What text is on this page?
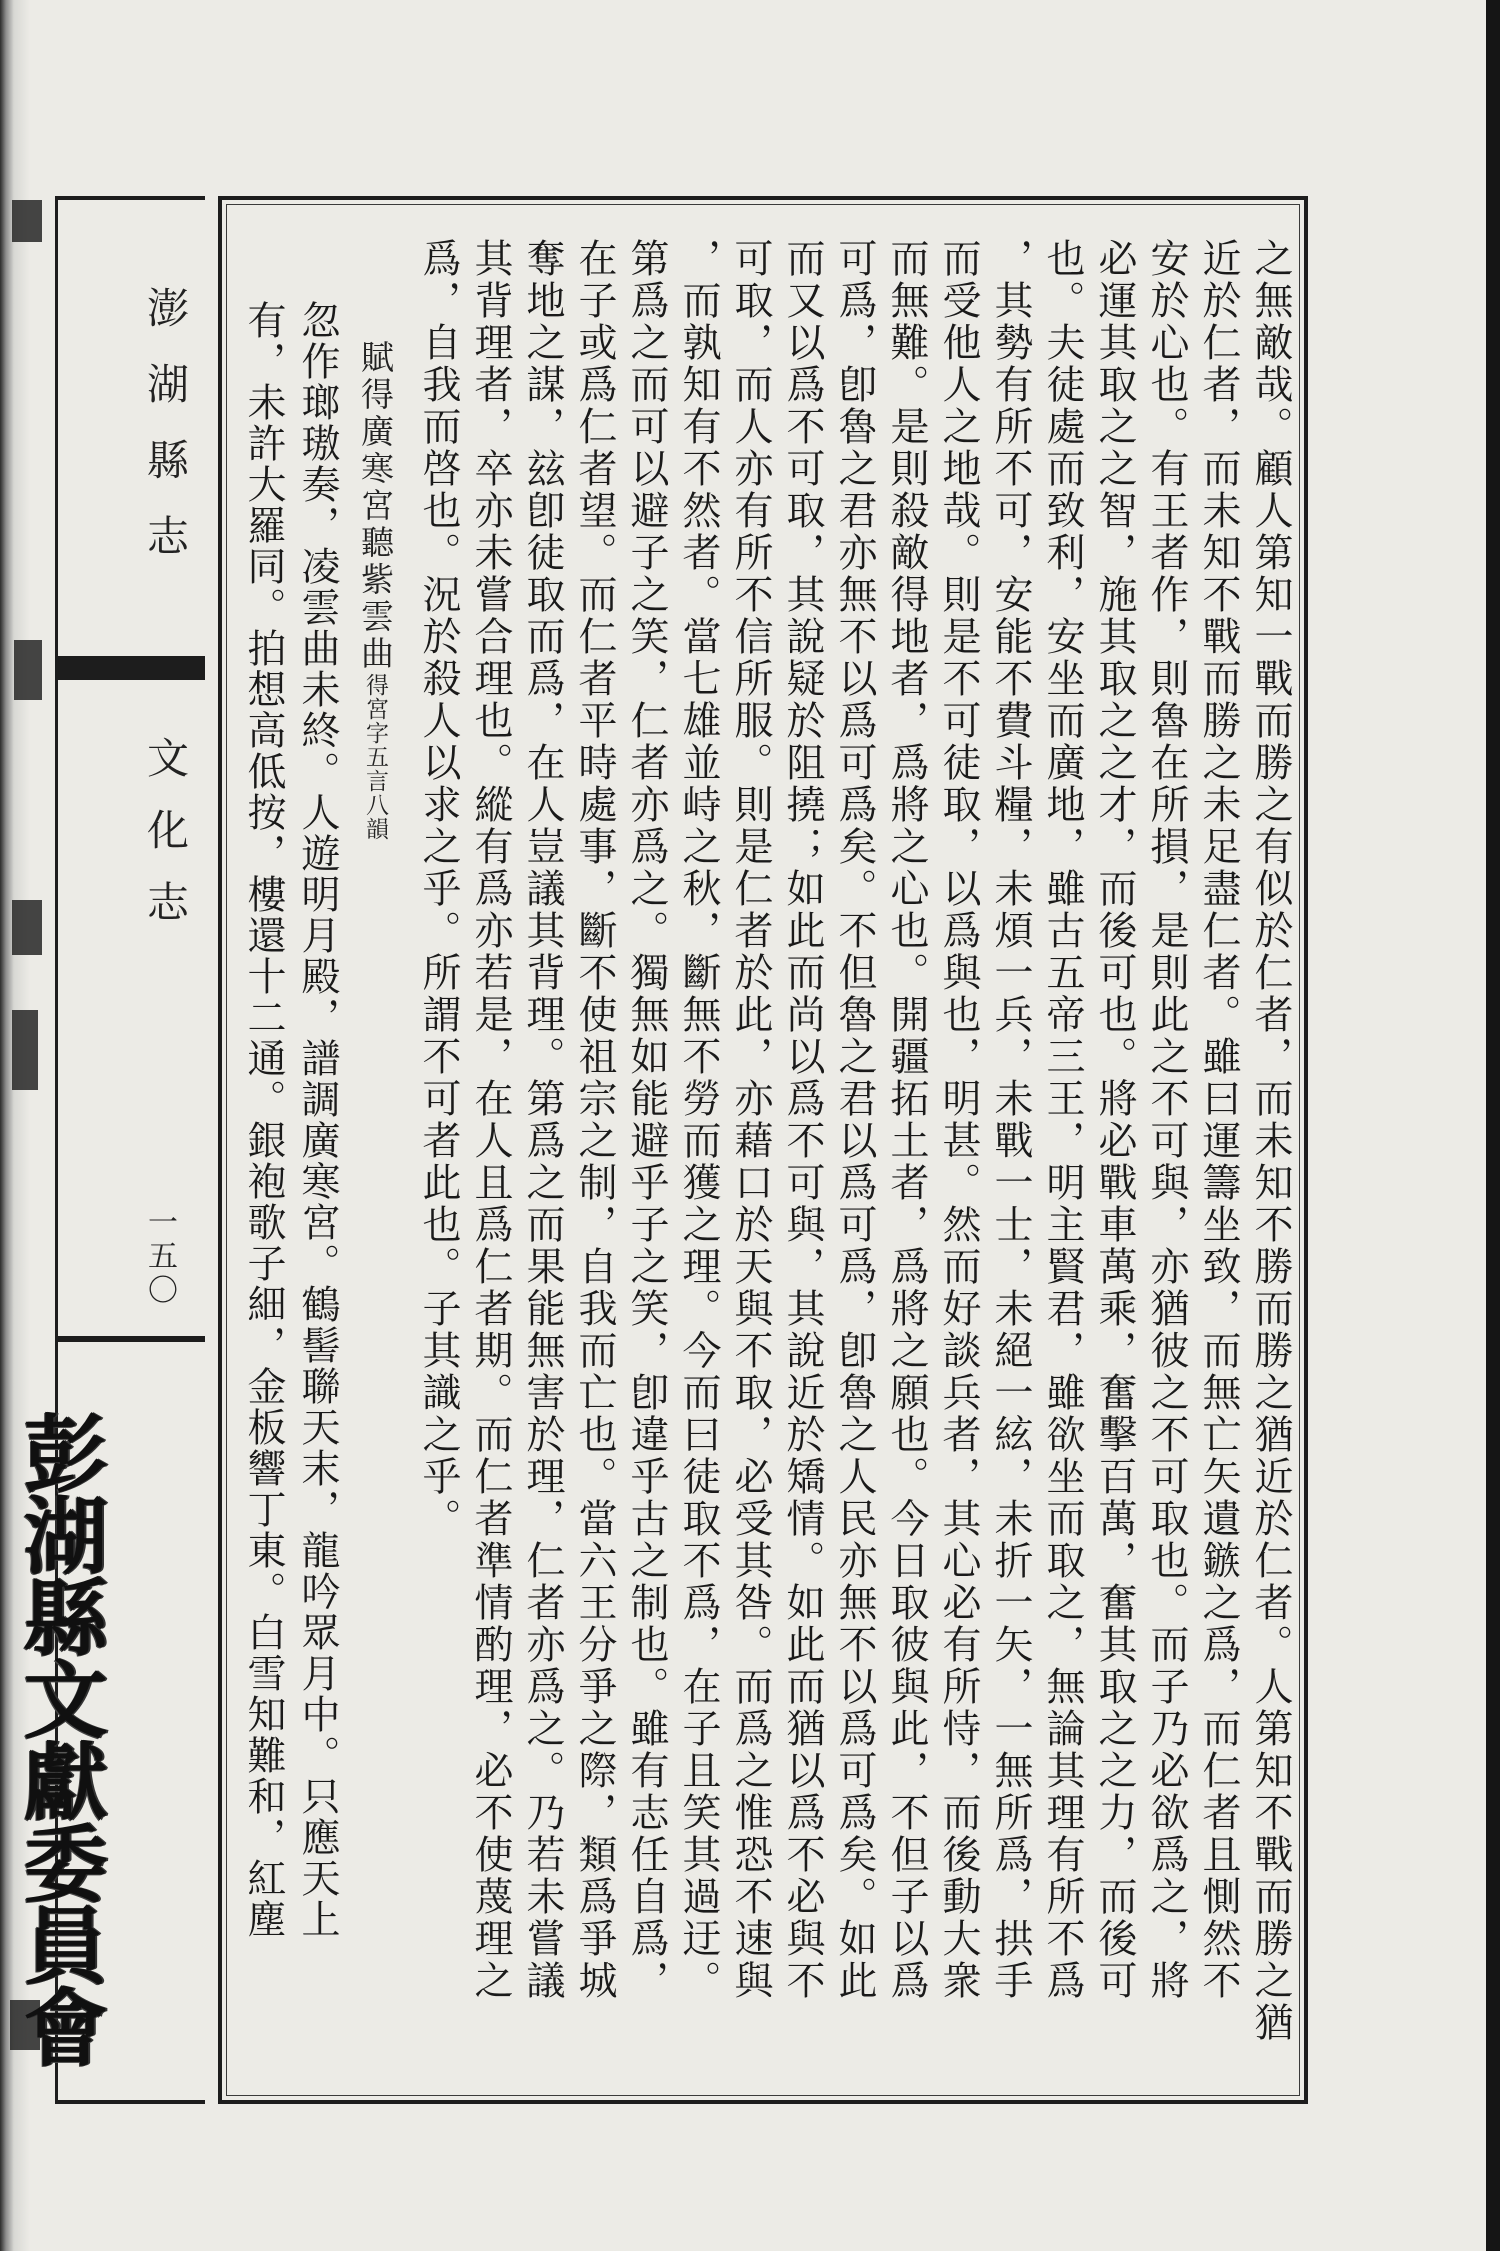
澎湖縣志
文化志
一五〇
彭湖縣文獻委員會	之無敵哉。顧人第知一戰而勝之有似於仁者，而未知不勝而勝之猶近於仁者。人第知不戰而勝之猶
近於仁者，而未知不戰而勝之未足盡仁者。雖曰運籌坐致，而無亡矢遺鏃之爲，而仁者且惻然不
安於心也。有王者作，則魯在所損，是則此之不可與，亦猶彼之不可取也。而子乃必欲爲之，將
必運其取之之智，施其取之之才，而後可也。將必戰車萬乘，奮擊百萬，奮其取之之力，而後可
也。夫徒處而致利，安坐而廣地，雖古五帝三王，明主賢君，雖欲坐而取之，無論其理有所不爲
，其勢有所不可，安能不費斗糧，未煩一兵，未戰一士，未絕一絃，未折一矢，一無所爲，拱手
而受他人之地哉。則是不可徒取，以爲與也，明甚。然而好談兵者，其心必有所恃，而後動大衆
而無難。是則殺敵得地者，爲將之心也。開疆拓土者，爲將之願也。今日取彼與此，不但子以爲
可爲，卽魯之君亦無不以爲可爲矣。不但魯之君以爲可爲，卽魯之人民亦無不以爲可爲矣。如此
而又以爲不可取，其說疑於阻撓；如此而尚以爲不可與，其說近於矯情。如此而猶以爲不必與不
可取，而人亦有所不信所服。則是仁者於此，亦藉口於天與不取，必受其咎。而爲之惟恐不速與
，而孰知有不然者。當七雄並峙之秋，斷無不勞而獲之理。今而曰徒取不爲，在子且笑其過迂。
第爲之而可以避子之笑，仁者亦爲之。獨無如能避乎子之笑，卽違乎古之制也。雖有志任自爲，
在子或爲仁者望。而仁者平時處事，斷不使祖宗之制，自我而亡也。當六王分爭之際，類爲爭城
奪地之謀，玆卽徒取而爲，在人豈議其背理。第爲之而果能無害於理，仁者亦爲之。乃若未嘗議
其背理者，卒亦未嘗合理也。縱有爲亦若是，在人且爲仁者期。而仁者準情酌理，必不使蔑理之
爲，自我而啓也。況於殺人以求之乎。所謂不可者此也。子其識之乎。
賦得廣寒宮聽紫雲曲得宮字五言八韻
忽作瑯璈奏，凌雲曲未終。人遊明月殿，譜調廣寒宮。鶴髻聯天末，龍吟眾月中。只應天上
有，未許大羅同。拍想高低按，樓還十二通。銀袍歌子細，金板響丁東。白雪知難和，紅塵
